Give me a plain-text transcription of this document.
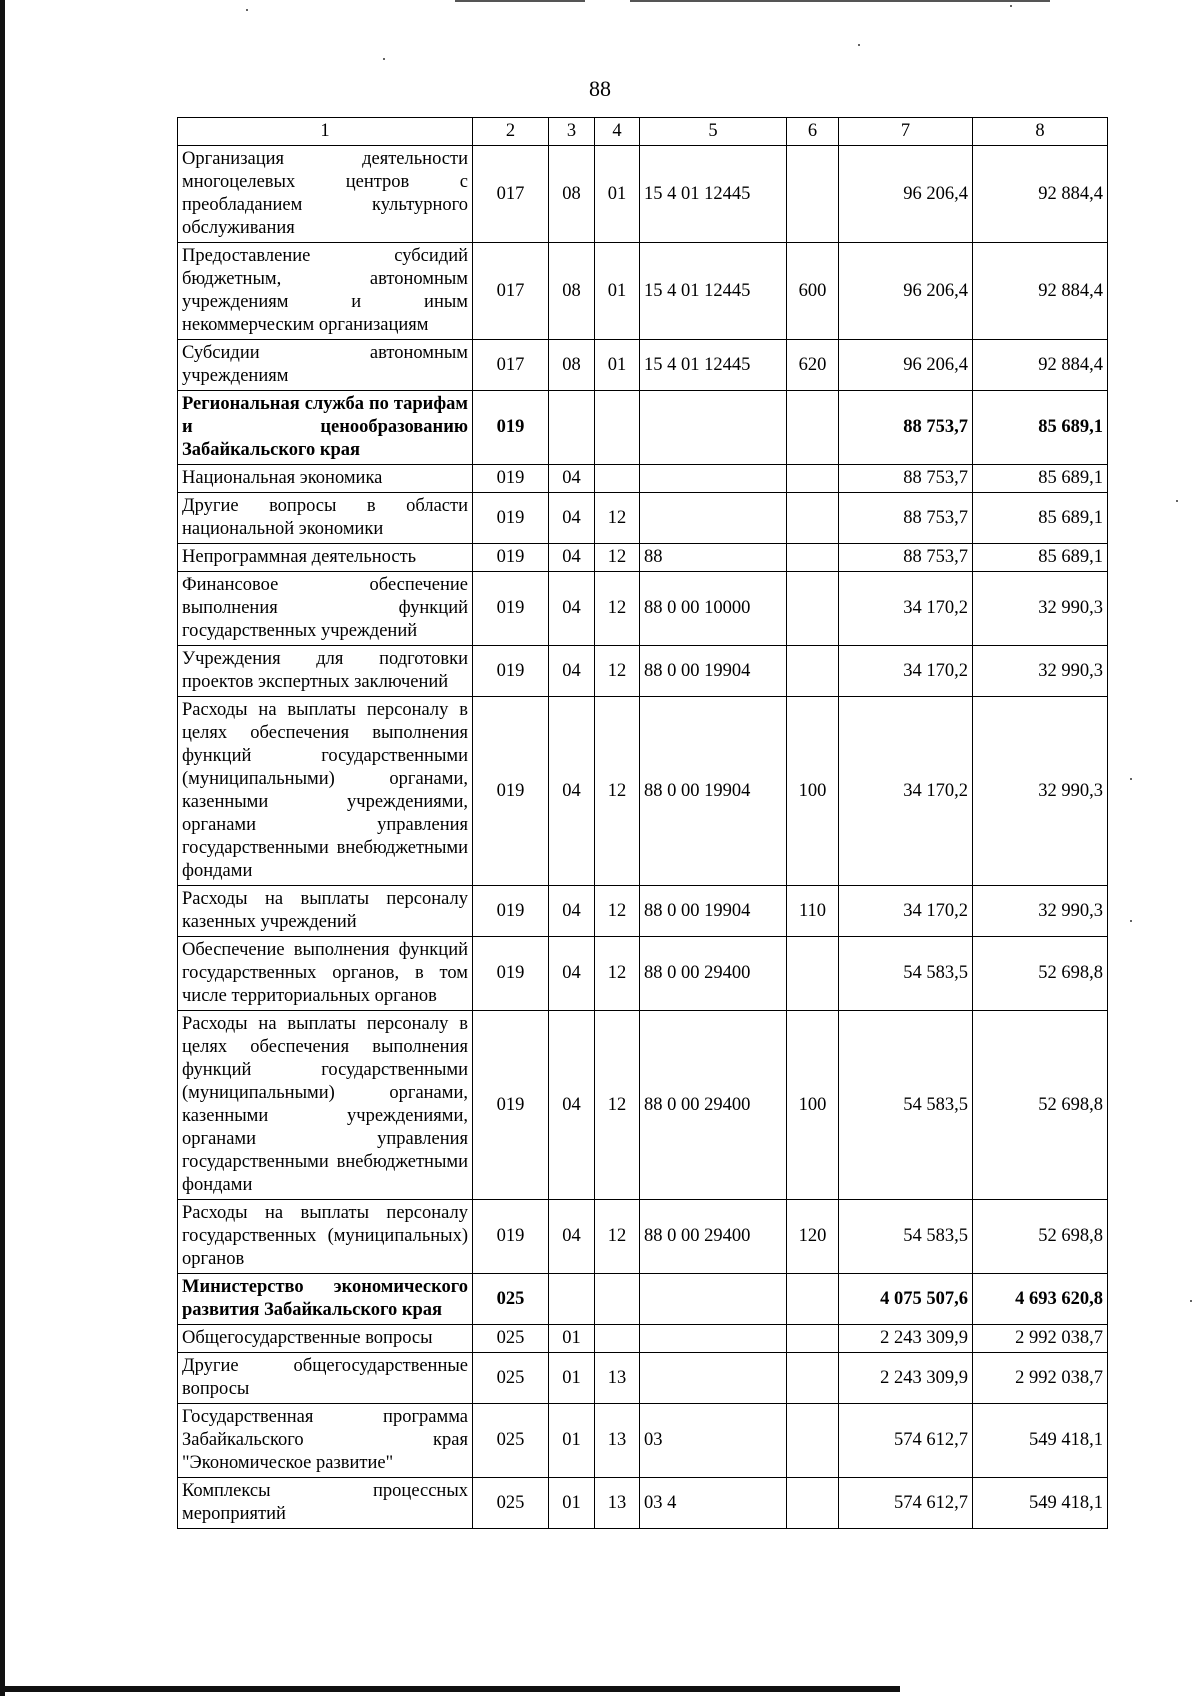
88
1	2	3	4	5	6	7	8
Организация деятельности многоцелевых центров с преобладанием культурного обслуживания	017	08	01	15 4 01 12445		96 206,4	92 884,4
Предоставление субсидий бюджетным, автономным учреждениям и иным некоммерческим организациям	017	08	01	15 4 01 12445	600	96 206,4	92 884,4
Субсидии автономным учреждениям	017	08	01	15 4 01 12445	620	96 206,4	92 884,4
Региональная служба по тарифам и ценообразованию Забайкальского края	019					88 753,7	85 689,1
Национальная экономика	019	04				88 753,7	85 689,1
Другие вопросы в области национальной экономики	019	04	12			88 753,7	85 689,1
Непрограммная деятельность	019	04	12	88		88 753,7	85 689,1
Финансовое обеспечение выполнения функций государственных учреждений	019	04	12	88 0 00 10000		34 170,2	32 990,3
Учреждения для подготовки проектов экспертных заключений	019	04	12	88 0 00 19904		34 170,2	32 990,3
Расходы на выплаты персоналу в целях обеспечения выполнения функций государственными (муниципальными) органами, казенными учреждениями, органами управления государственными внебюджетными фондами	019	04	12	88 0 00 19904	100	34 170,2	32 990,3
Расходы на выплаты персоналу казенных учреждений	019	04	12	88 0 00 19904	110	34 170,2	32 990,3
Обеспечение выполнения функций государственных органов, в том числе территориальных органов	019	04	12	88 0 00 29400		54 583,5	52 698,8
Расходы на выплаты персоналу в целях обеспечения выполнения функций государственными (муниципальными) органами, казенными учреждениями, органами управления государственными внебюджетными фондами	019	04	12	88 0 00 29400	100	54 583,5	52 698,8
Расходы на выплаты персоналу государственных (муниципальных) органов	019	04	12	88 0 00 29400	120	54 583,5	52 698,8
Министерство экономического развития Забайкальского края	025					4 075 507,6	4 693 620,8
Общегосударственные вопросы	025	01				2 243 309,9	2 992 038,7
Другие общегосударственные вопросы	025	01	13			2 243 309,9	2 992 038,7
Государственная программа Забайкальского края "Экономическое развитие"	025	01	13	03		574 612,7	549 418,1
Комплексы процессных мероприятий	025	01	13	03 4		574 612,7	549 418,1
